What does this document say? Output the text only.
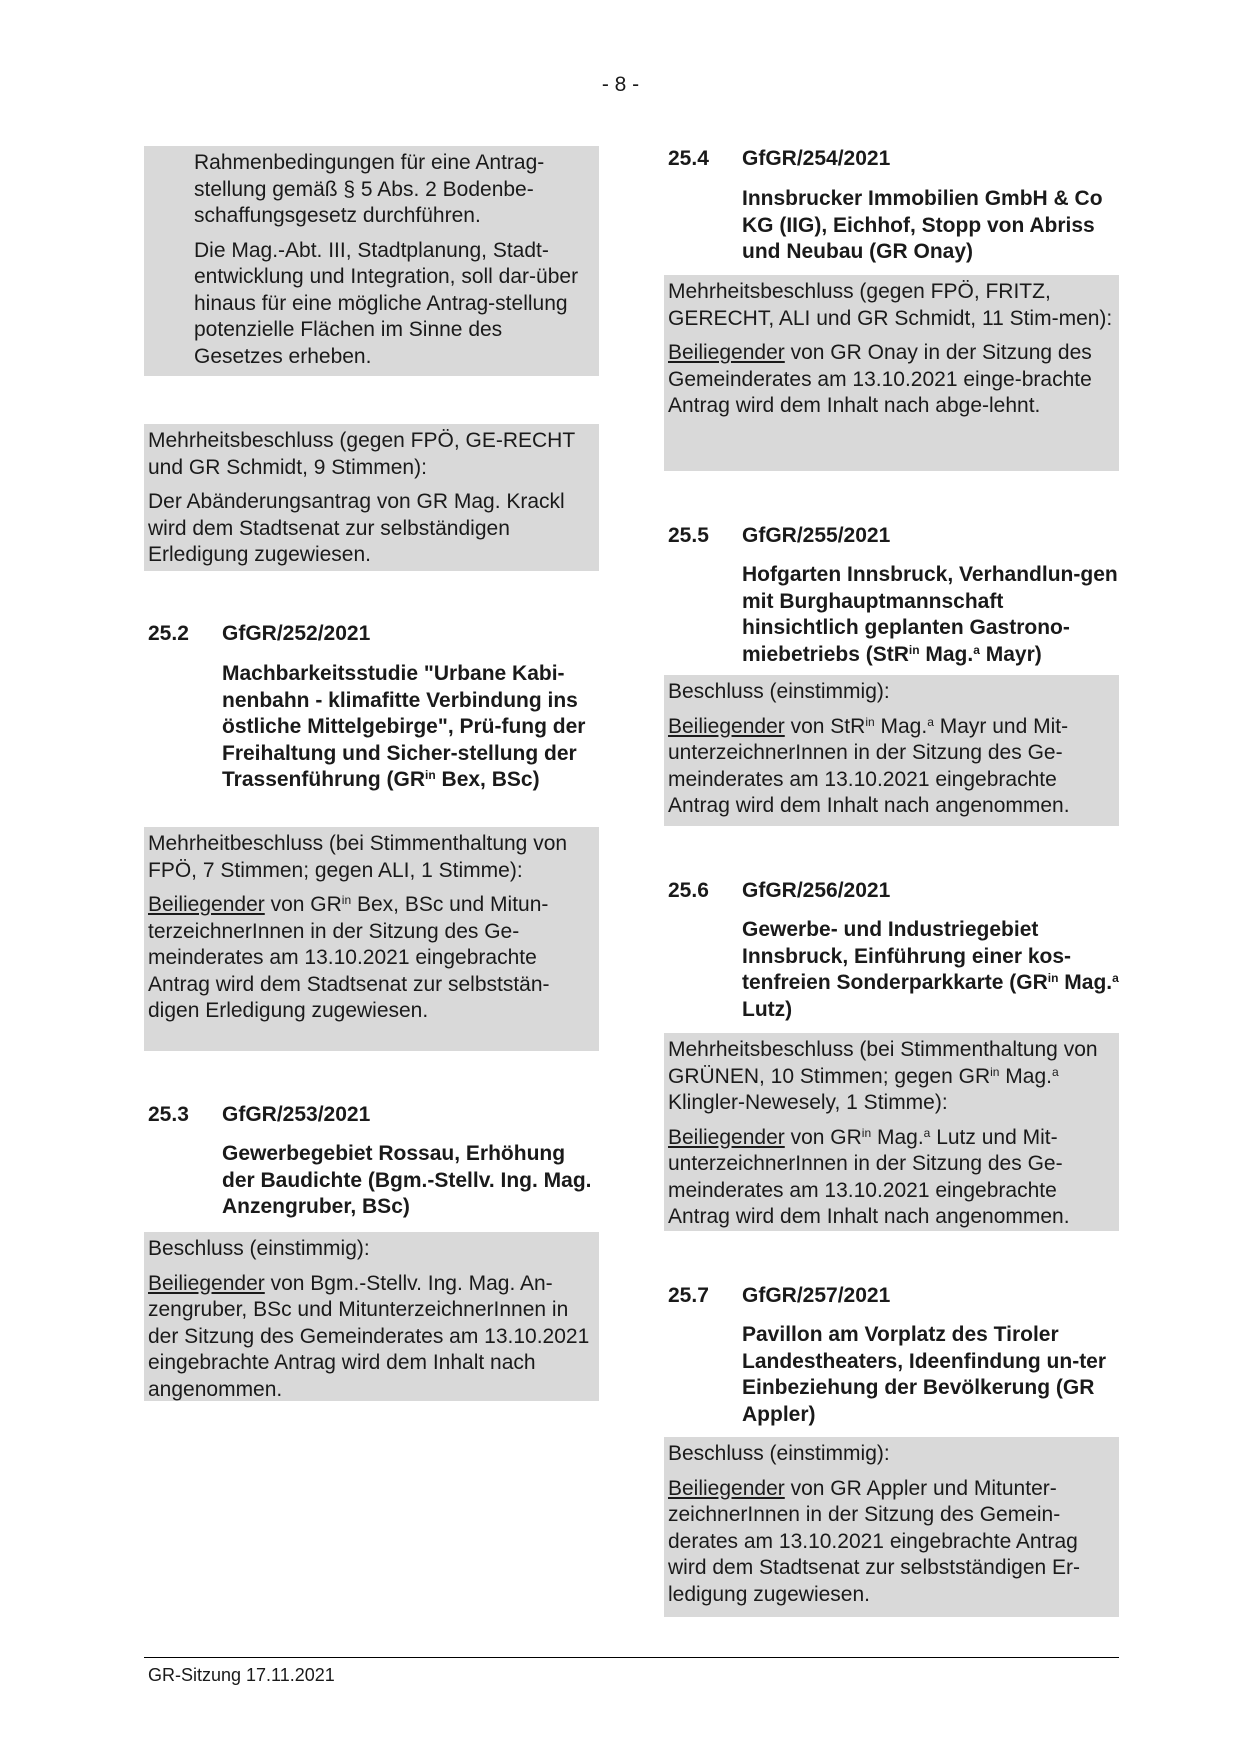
- 8 -

Rahmenbedingungen für eine Antrag-stellung gemäß § 5 Abs. 2 Bodenbe-schaffungsgesetz durchführen.

Die Mag.-Abt. III, Stadtplanung, Stadt-entwicklung und Integration, soll dar-über hinaus für eine mögliche Antrag-stellung potenzielle Flächen im Sinne des Gesetzes erheben.

Mehrheitsbeschluss (gegen FPÖ, GE-RECHT und GR Schmidt, 9 Stimmen):

Der Abänderungsantrag von GR Mag. Krackl wird dem Stadtsenat zur selbständigen Erledigung zugewiesen.

25.2 GfGR/252/2021
Machbarkeitsstudie "Urbane Kabi-nenbahn - klimafitte Verbindung ins östliche Mittelgebirge", Prü-fung der Freihaltung und Sicher-stellung der Trassenführung ($GR^{in}$ Bex, BSc)

Mehrheitbeschluss (bei Stimmenthaltung von FPÖ, 7 Stimmen; gegen ALI, 1 Stimme):

Beiliegender von $GR^{in}$ Bex, BSc und Mitun-terzeichnerInnen in der Sitzung des Ge-meinderates am 13.10.2021 eingebrachte Antrag wird dem Stadtsenat zur selbststän-digen Erledigung zugewiesen.

25.3 GfGR/253/2021
Gewerbegebiet Rossau, Erhöhung der Baudichte (Bgm.-Stellv. Ing. Mag. Anzengruber, BSc)

Beschluss (einstimmig):

Beiliegender von Bgm.-Stellv. Ing. Mag. An-zengruber, BSc und MitunterzeichnerInnen in der Sitzung des Gemeinderates am 13.10.2021 eingebrachte Antrag wird dem Inhalt nach angenommen.

25.4 GfGR/254/2021
Innsbrucker Immobilien GmbH & Co KG (IIG), Eichhof, Stopp von Abriss und Neubau (GR Onay)

Mehrheitsbeschluss (gegen FPÖ, FRITZ, GERECHT, ALI und GR Schmidt, 11 Stim-men):

Beiliegender von GR Onay in der Sitzung des Gemeinderates am 13.10.2021 einge-brachte Antrag wird dem Inhalt nach abge-lehnt.

25.5 GfGR/255/2021
Hofgarten Innsbruck, Verhandlun-gen mit Burghauptmannschaft hinsichtlich geplanten Gastrono-miebetriebs (StR$^{in}$ Mag.$^a$ Mayr)

Beschluss (einstimmig):

Beiliegender von StR$^{in}$ Mag.$^a$ Mayr und Mit-unterzeichnerInnen in der Sitzung des Ge-meinderates am 13.10.2021 eingebrachte Antrag wird dem Inhalt nach angenommen.

25.6 GfGR/256/2021
Gewerbe- und Industriegebiet Innsbruck, Einführung einer kos-tenfreien Sonderparkkarte ($GR^{in}$ Mag.$^a$ Lutz)

Mehrheitsbeschluss (bei Stimmenthaltung von GRÜNEN, 10 Stimmen; gegen $GR^{in}$ Mag.$^a$ Klingler-Newesely, 1 Stimme):

Beiliegender von $GR^{in}$ Mag.$^a$ Lutz und Mit-unterzeichnerInnen in der Sitzung des Ge-meinderates am 13.10.2021 eingebrachte Antrag wird dem Inhalt nach angenommen.

25.7 GfGR/257/2021
Pavillon am Vorplatz des Tiroler Landestheaters, Ideenfindung un-ter Einbeziehung der Bevölkerung (GR Appler)

Beschluss (einstimmig):

Beiliegender von GR Appler und Mitunter-zeichnerInnen in der Sitzung des Gemein-derates am 13.10.2021 eingebrachte Antrag wird dem Stadtsenat zur selbstständigen Er-ledigung zugewiesen.

GR-Sitzung 17.11.2021
